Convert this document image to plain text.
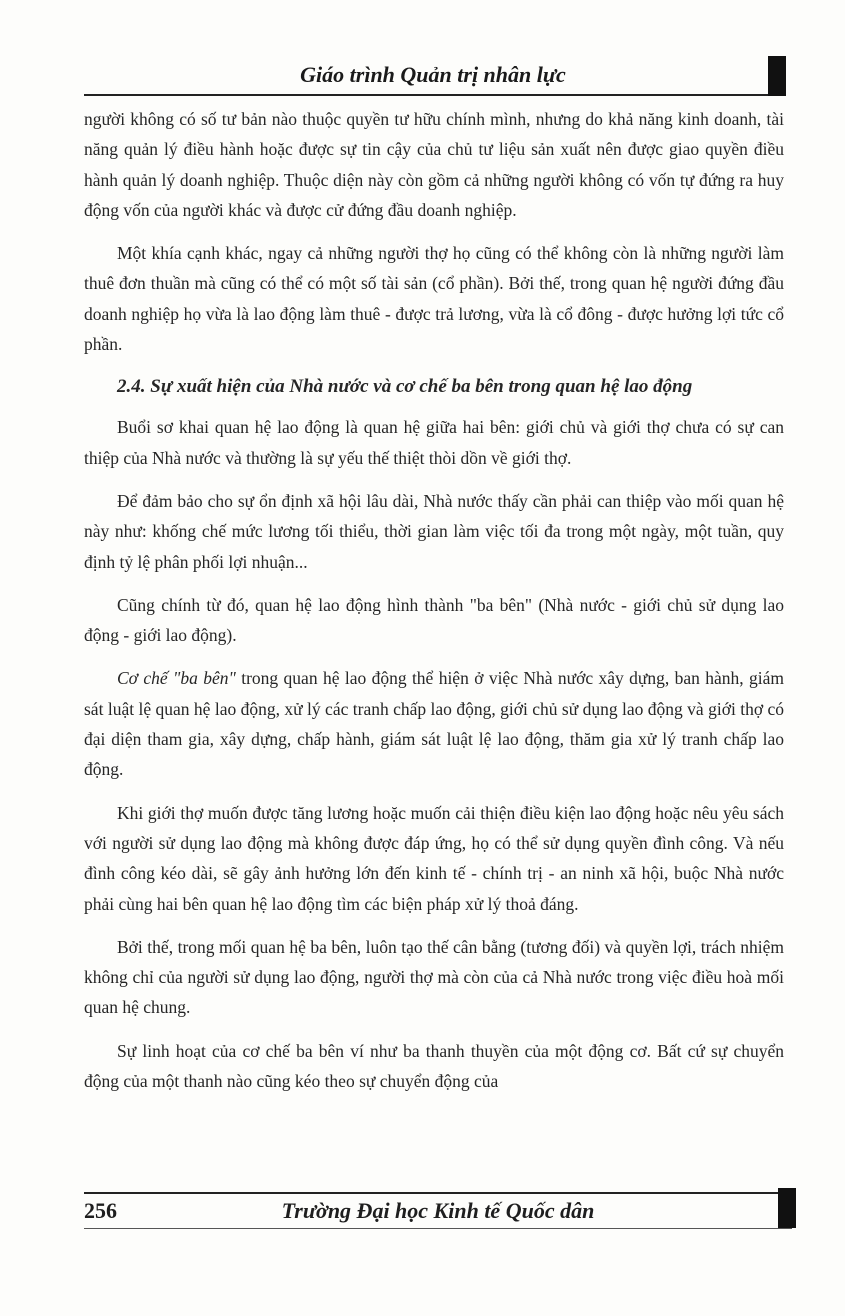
Giáo trình Quản trị nhân lực

người không có số tư bản nào thuộc quyền tư hữu chính mình, nhưng do khả năng kinh doanh, tài năng quản lý điều hành hoặc được sự tin cậy của chủ tư liệu sản xuất nên được giao quyền điều hành quản lý doanh nghiệp. Thuộc diện này còn gồm cả những người không có vốn tự đứng ra huy động vốn của người khác và được cử đứng đầu doanh nghiệp.

Một khía cạnh khác, ngay cả những người thợ họ cũng có thể không còn là những người làm thuê đơn thuần mà cũng có thể có một số tài sản (cổ phần). Bởi thế, trong quan hệ người đứng đầu doanh nghiệp họ vừa là lao động làm thuê - được trả lương, vừa là cổ đông - được hưởng lợi tức cổ phần.

2.4. Sự xuất hiện của Nhà nước và cơ chế ba bên trong quan hệ lao động

Buổi sơ khai quan hệ lao động là quan hệ giữa hai bên: giới chủ và giới thợ chưa có sự can thiệp của Nhà nước và thường là sự yếu thế thiệt thòi dồn về giới thợ.

Để đảm bảo cho sự ổn định xã hội lâu dài, Nhà nước thấy cần phải can thiệp vào mối quan hệ này như: khống chế mức lương tối thiểu, thời gian làm việc tối đa trong một ngày, một tuần, quy định tỷ lệ phân phối lợi nhuận...

Cũng chính từ đó, quan hệ lao động hình thành "ba bên" (Nhà nước - giới chủ sử dụng lao động - giới lao động).

Cơ chế "ba bên" trong quan hệ lao động thể hiện ở việc Nhà nước xây dựng, ban hành, giám sát luật lệ quan hệ lao động, xử lý các tranh chấp lao động, giới chủ sử dụng lao động và giới thợ có đại diện tham gia, xây dựng, chấp hành, giám sát luật lệ lao động, thăm gia xử lý tranh chấp lao động.

Khi giới thợ muốn được tăng lương hoặc muốn cải thiện điều kiện lao động hoặc nêu yêu sách với người sử dụng lao động mà không được đáp ứng, họ có thể sử dụng quyền đình công. Và nếu đình công kéo dài, sẽ gây ảnh hưởng lớn đến kinh tế - chính trị - an ninh xã hội, buộc Nhà nước phải cùng hai bên quan hệ lao động tìm các biện pháp xử lý thoả đáng.

Bởi thế, trong mối quan hệ ba bên, luôn tạo thế cân bằng (tương đối) và quyền lợi, trách nhiệm không chỉ của người sử dụng lao động, người thợ mà còn của cả Nhà nước trong việc điều hoà mối quan hệ chung.

Sự linh hoạt của cơ chế ba bên ví như ba thanh thuyền của một động cơ. Bất cứ sự chuyển động của một thanh nào cũng kéo theo sự chuyển động của

256	Trường Đại học Kinh tế Quốc dân
